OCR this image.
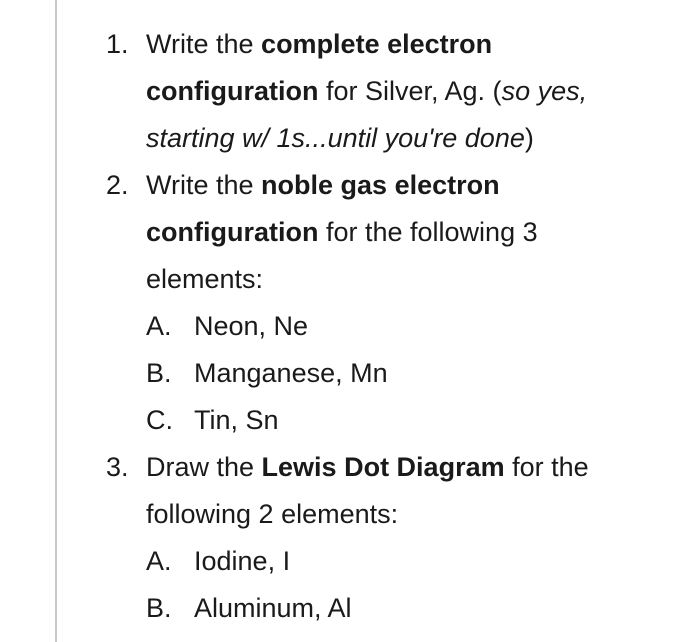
1. Write the complete electron
configuration for Silver, Ag. (so yes,
starting w/ 1s...until you're done)
2. Write the noble gas electron
configuration for the following 3
elements:
A. Neon, Ne
B. Manganese, Mn
C. Tin, Sn
3. Draw the Lewis Dot Diagram for the
following 2 elements:
A. Iodine, I
B. Aluminum, Al
